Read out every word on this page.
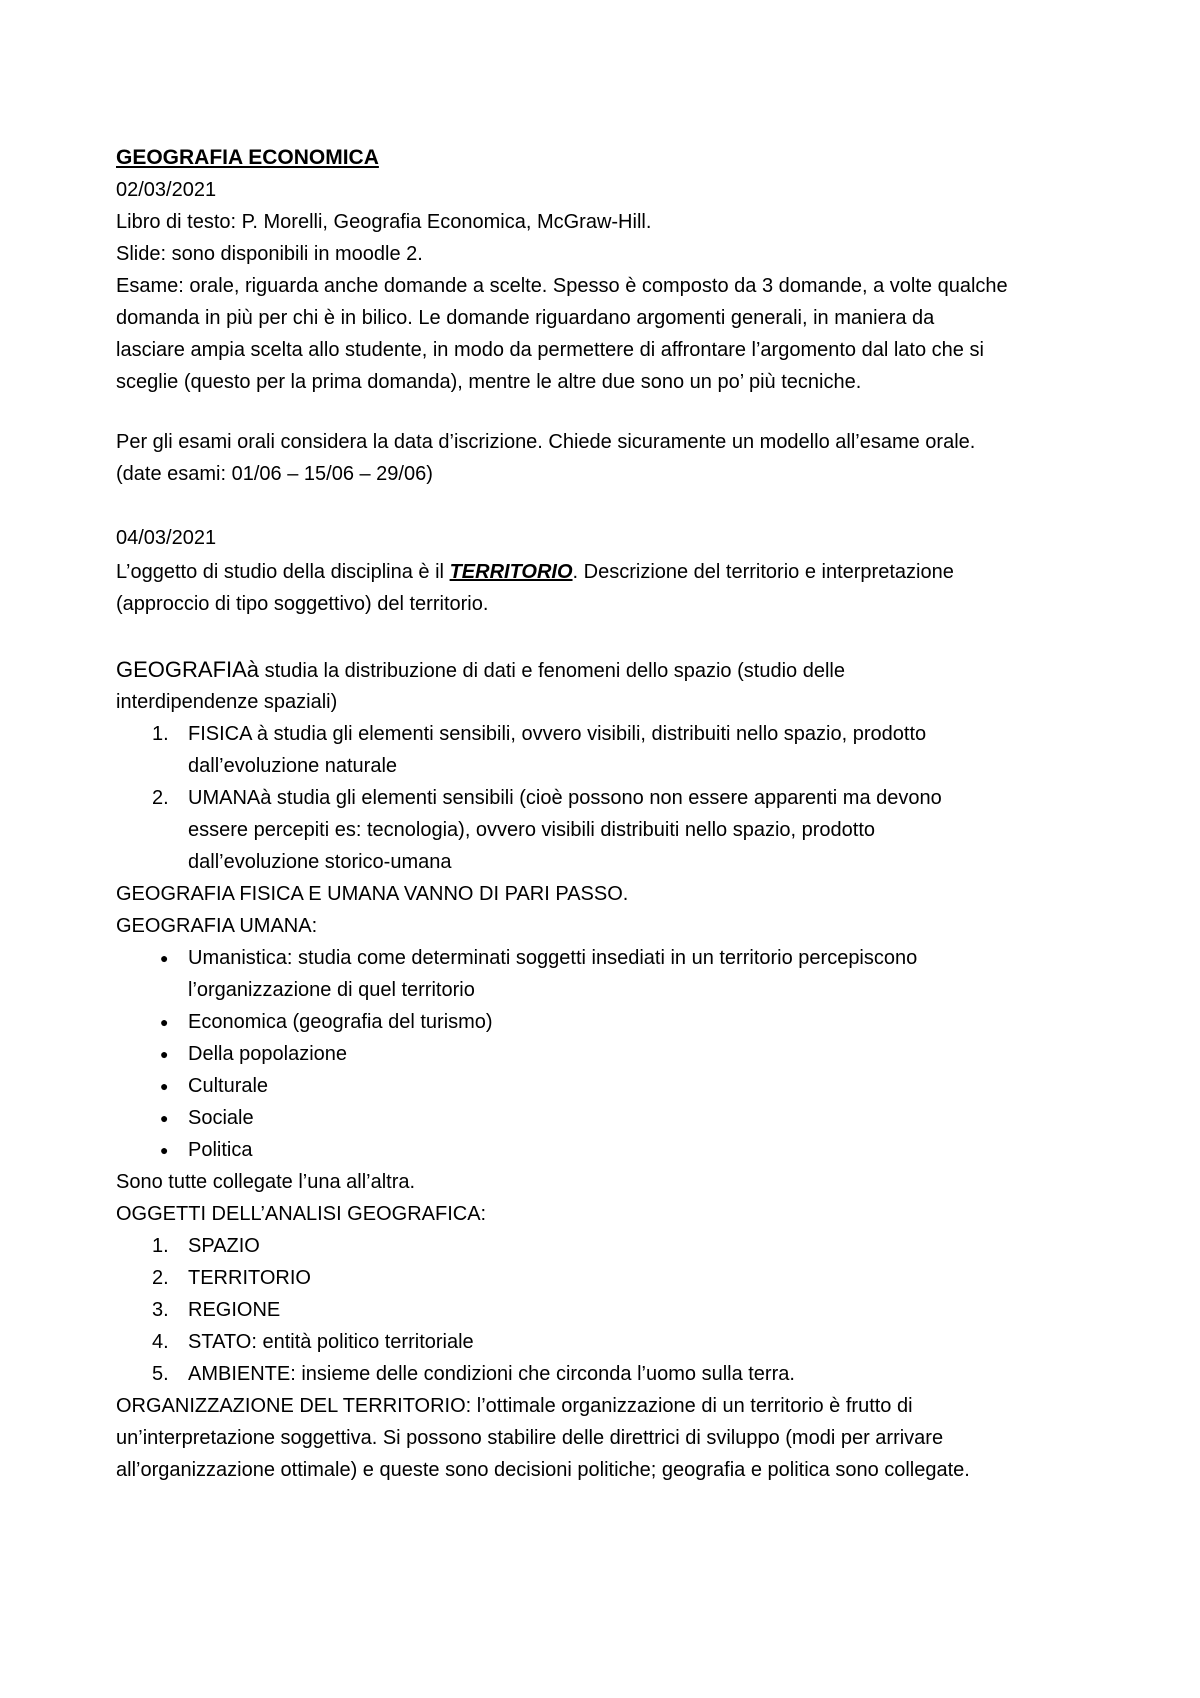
GEOGRAFIA ECONOMICA
02/03/2021
Libro di testo: P. Morelli, Geografia Economica, McGraw-Hill.
Slide: sono disponibili in moodle 2.
Esame: orale, riguarda anche domande a scelte. Spesso è composto da 3 domande, a volte qualche
domanda in più per chi è in bilico. Le domande riguardano argomenti generali, in maniera da
lasciare ampia scelta allo studente, in modo da permettere di affrontare l’argomento dal lato che si
sceglie (questo per la prima domanda), mentre le altre due sono un po’ più tecniche.
Per gli esami orali considera la data d’iscrizione. Chiede sicuramente un modello all’esame orale.
(date esami: 01/06 – 15/06 – 29/06)
04/03/2021
L’oggetto di studio della disciplina è il TERRITORIO. Descrizione del territorio e interpretazione
(approccio di tipo soggettivo) del territorio.
GEOGRAFIAà studia la distribuzione di dati e fenomeni dello spazio (studio delle
interdipendenze spaziali)
1. FISICA à studia gli elementi sensibili, ovvero visibili, distribuiti nello spazio, prodotto
dall’evoluzione naturale
2. UMANAà studia gli elementi sensibili (cioè possono non essere apparenti ma devono
essere percepiti es: tecnologia), ovvero visibili distribuiti nello spazio, prodotto
dall’evoluzione storico-umana
GEOGRAFIA FISICA E UMANA VANNO DI PARI PASSO.
GEOGRAFIA UMANA:
● Umanistica: studia come determinati soggetti insediati in un territorio percepiscono
l’organizzazione di quel territorio
● Economica (geografia del turismo)
● Della popolazione
● Culturale
● Sociale
● Politica
Sono tutte collegate l’una all’altra.
OGGETTI DELL’ANALISI GEOGRAFICA:
1. SPAZIO
2. TERRITORIO
3. REGIONE
4. STATO: entità politico territoriale
5. AMBIENTE: insieme delle condizioni che circonda l’uomo sulla terra.
ORGANIZZAZIONE DEL TERRITORIO: l’ottimale organizzazione di un territorio è frutto di
un’interpretazione soggettiva. Si possono stabilire delle direttrici di sviluppo (modi per arrivare
all’organizzazione ottimale) e queste sono decisioni politiche; geografia e politica sono collegate.
